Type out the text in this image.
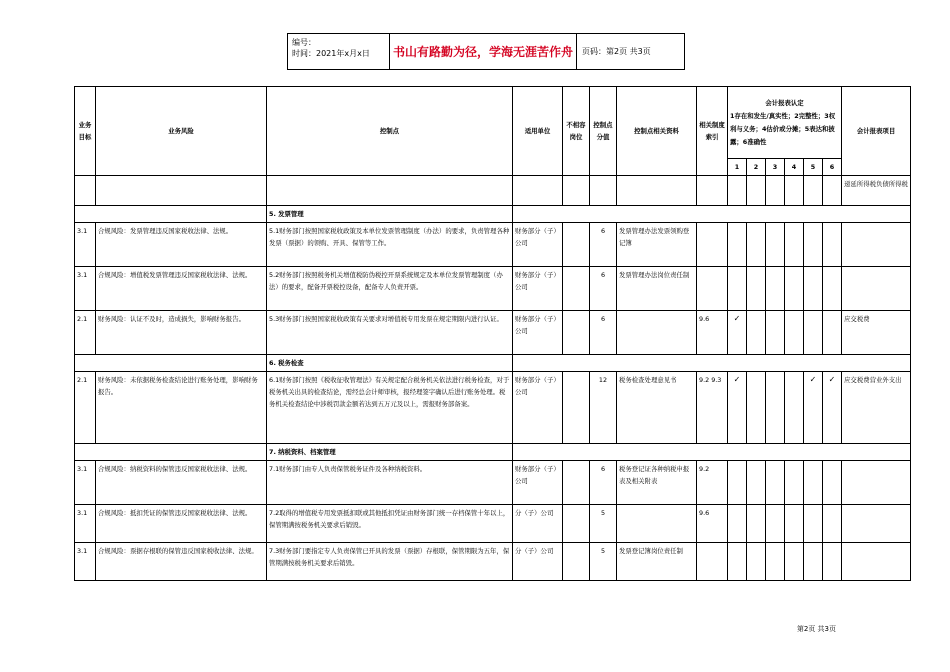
编号：
时间：2021年x月x日	书山有路勤为径，学海无涯苦作舟	页码：第2页 共3页
业务目标	业务风险	控制点	适用单位	不相容岗位	控制点分值	控制点相关资料	相关制度索引	会计报表认定
1存在和发生/真实性；2完整性；3权利与义务；4估价或分摊；5表达和披露；6准确性						会计报表项目
								1	2	3	4	5	6	
														递延所得税负债所得税
		5. 发票管理												
3.1	合规风险：发票管理违反国家税收法律、法规。	5.1财务部门按照国家税收政策及本单位发票管理制度（办法）的要求，负责管理各种发票（票据）的领购、开具、保管等工作。	财务部分（子）公司		6	发票管理办法发票领购登记簿								
3.1	合规风险：增值税发票管理违反国家税收法律、法规。	5.2财务部门按照税务机关增值税防伪税控开票系统规定及本单位发票管理制度（办法）的要求，配备开票税控设备，配备专人负责开票。	财务部分（子）公司		6	发票管理办法岗位责任制								
2.1	财务风险：认证不及时，造成损失，影响财务报告。	5.3财务部门按照国家税收政策有关要求对增值税专用发票在规定期限内进行认证。	财务部分（子）公司		6		9.6	✓						应交税费
		6. 税务检查												
2.1	财务风险：未依据税务检查结论进行账务处理，影响财务报告。	6.1财务部门按照《税收征收管理法》有关规定配合税务机关依法进行税务检查，对于税务机关出具的检查结论，需经总会计师审核，报经理签字确认后进行账务处理。税务机关检查结论中涉税罚款金额若达到五万元及以上，需报财务部备案。	财务部分（子）公司		12	税务检查处理意见书	9.2 9.3	✓				✓	✓	应交税费营业外支出
		7. 纳税资料、档案管理												
3.1	合规风险：纳税资料的保管违反国家税收法律、法规。	7.1财务部门由专人负责保管税务证件及各种纳税资料。	财务部分（子）公司		6	税务登记证各种纳税申报表及相关附表	9.2							
3.1	合规风险：抵扣凭证的保管违反国家税收法律、法规。	7.2取得的增值税专用发票抵扣联或其他抵扣凭证由财务部门统一存档保管十年以上，保管期满按税务机关要求后销毁。	分（子）公司		5		9.6							
3.1	合规风险：票据存根联的保管违反国家税收法律、法规。	7.3财务部门要指定专人负责保管已开具的发票（票据）存根联，保管期限为五年，保管期满按税务机关要求后销毁。	分（子）公司		5	发票登记簿岗位责任制								
第2页 共3页
